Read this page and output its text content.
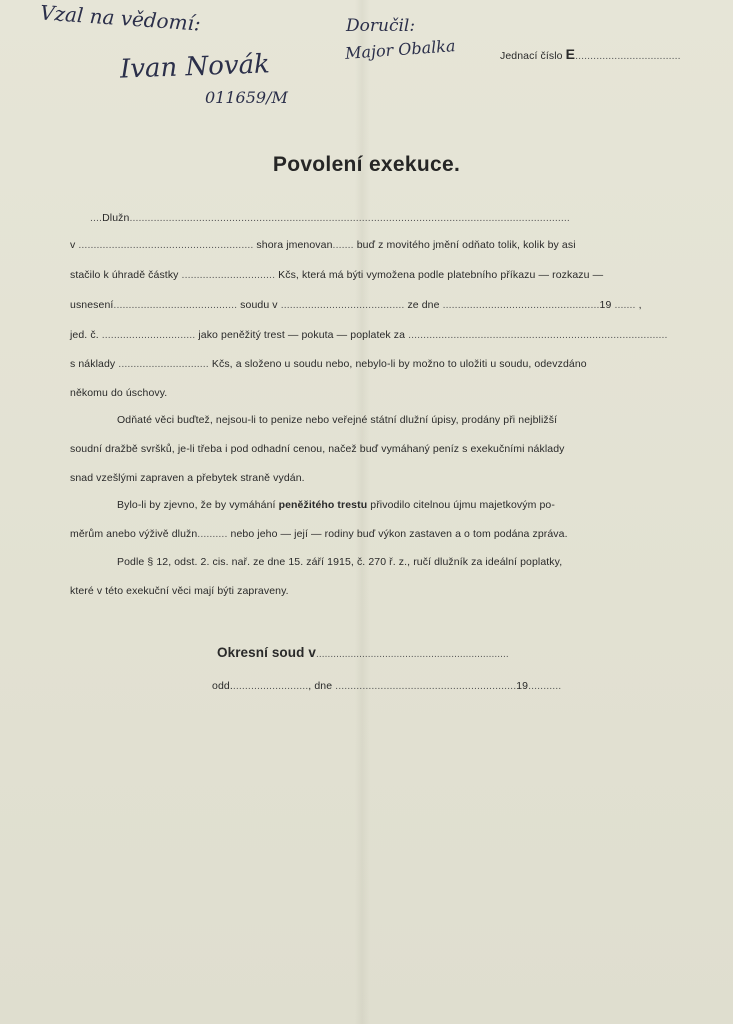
Vzal na vědomí:
Ivan Novák
011659/M
Doručil:
Major Obalka	Jednací číslo E...................................
Povolení exekuce.
....Dlužn..................................................................................................................................................
v .......................................................... shora jmenovan....... buď z movitého jmění odňato tolik, kolik by asi
stačilo k úhradě částky ............................... Kčs, která má býti vymožena podle platebního příkazu — rozkazu —
usnesení......................................... soudu v ......................................... ze dne ....................................................19 ....... ,
jed. č. ............................... jako peněžitý trest — pokuta — poplatek za ......................................................................................
s náklady .............................. Kčs, a složeno u soudu nebo, nebylo-li by možno to uložiti u soudu, odevzdáno
někomu do úschovy.
Odňaté věci buďtež, nejsou-li to penize nebo veřejné státní dlužní úpisy, prodány při nejbližší
soudní dražbě svršků, je-li třeba i pod odhadní cenou, načež buď vymáhaný peníz s exekučními náklady
snad vzešlými zapraven a přebytek straně vydán.
Bylo-li by zjevno, že by vymáhání peněžitého trestu přivodilo citelnou újmu majetkovým po-
měrům anebo výživě dlužn.......... nebo jeho — její — rodiny buď výkon zastaven a o tom podána zpráva.
Podle § 12, odst. 2. cis. nař. ze dne 15. září 1915, č. 270 ř. z., ručí dlužník za ideální poplatky,
které v této exekuční věci mají býti zapraveny.
Okresní soud v...................................................................
odd.........................., dne ............................................................19...........
